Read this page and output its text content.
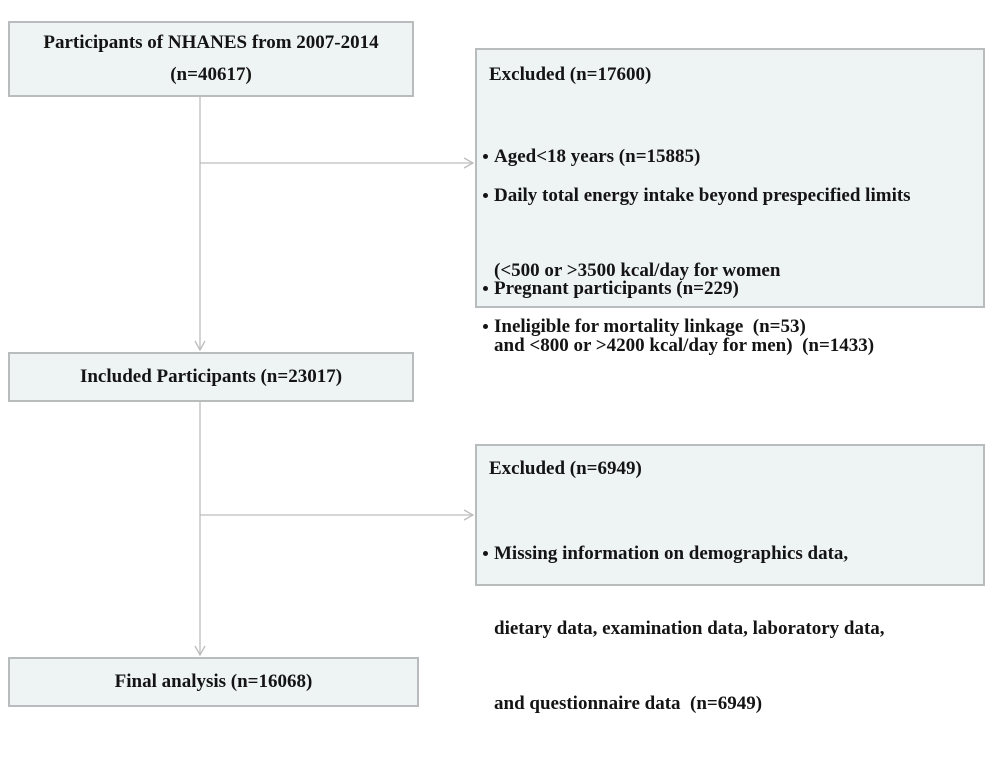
Participants of NHANES from 2007-2014
(n=40617)	Excluded (n=17600)

Aged<18 years (n=15885)

Daily total energy intake beyond prespecified limits

(<500 or >3500 kcal/day for women

and <800 or >4200 kcal/day for men)  (n=1433)

Pregnant participants (n=229)

Ineligible for mortality linkage  (n=53)

Included Participants (n=23017)
Excluded (n=6949)

Missing information on demographics data,

dietary data, examination data, laboratory data,

and questionnaire data  (n=6949)

Final analysis (n=16068)
